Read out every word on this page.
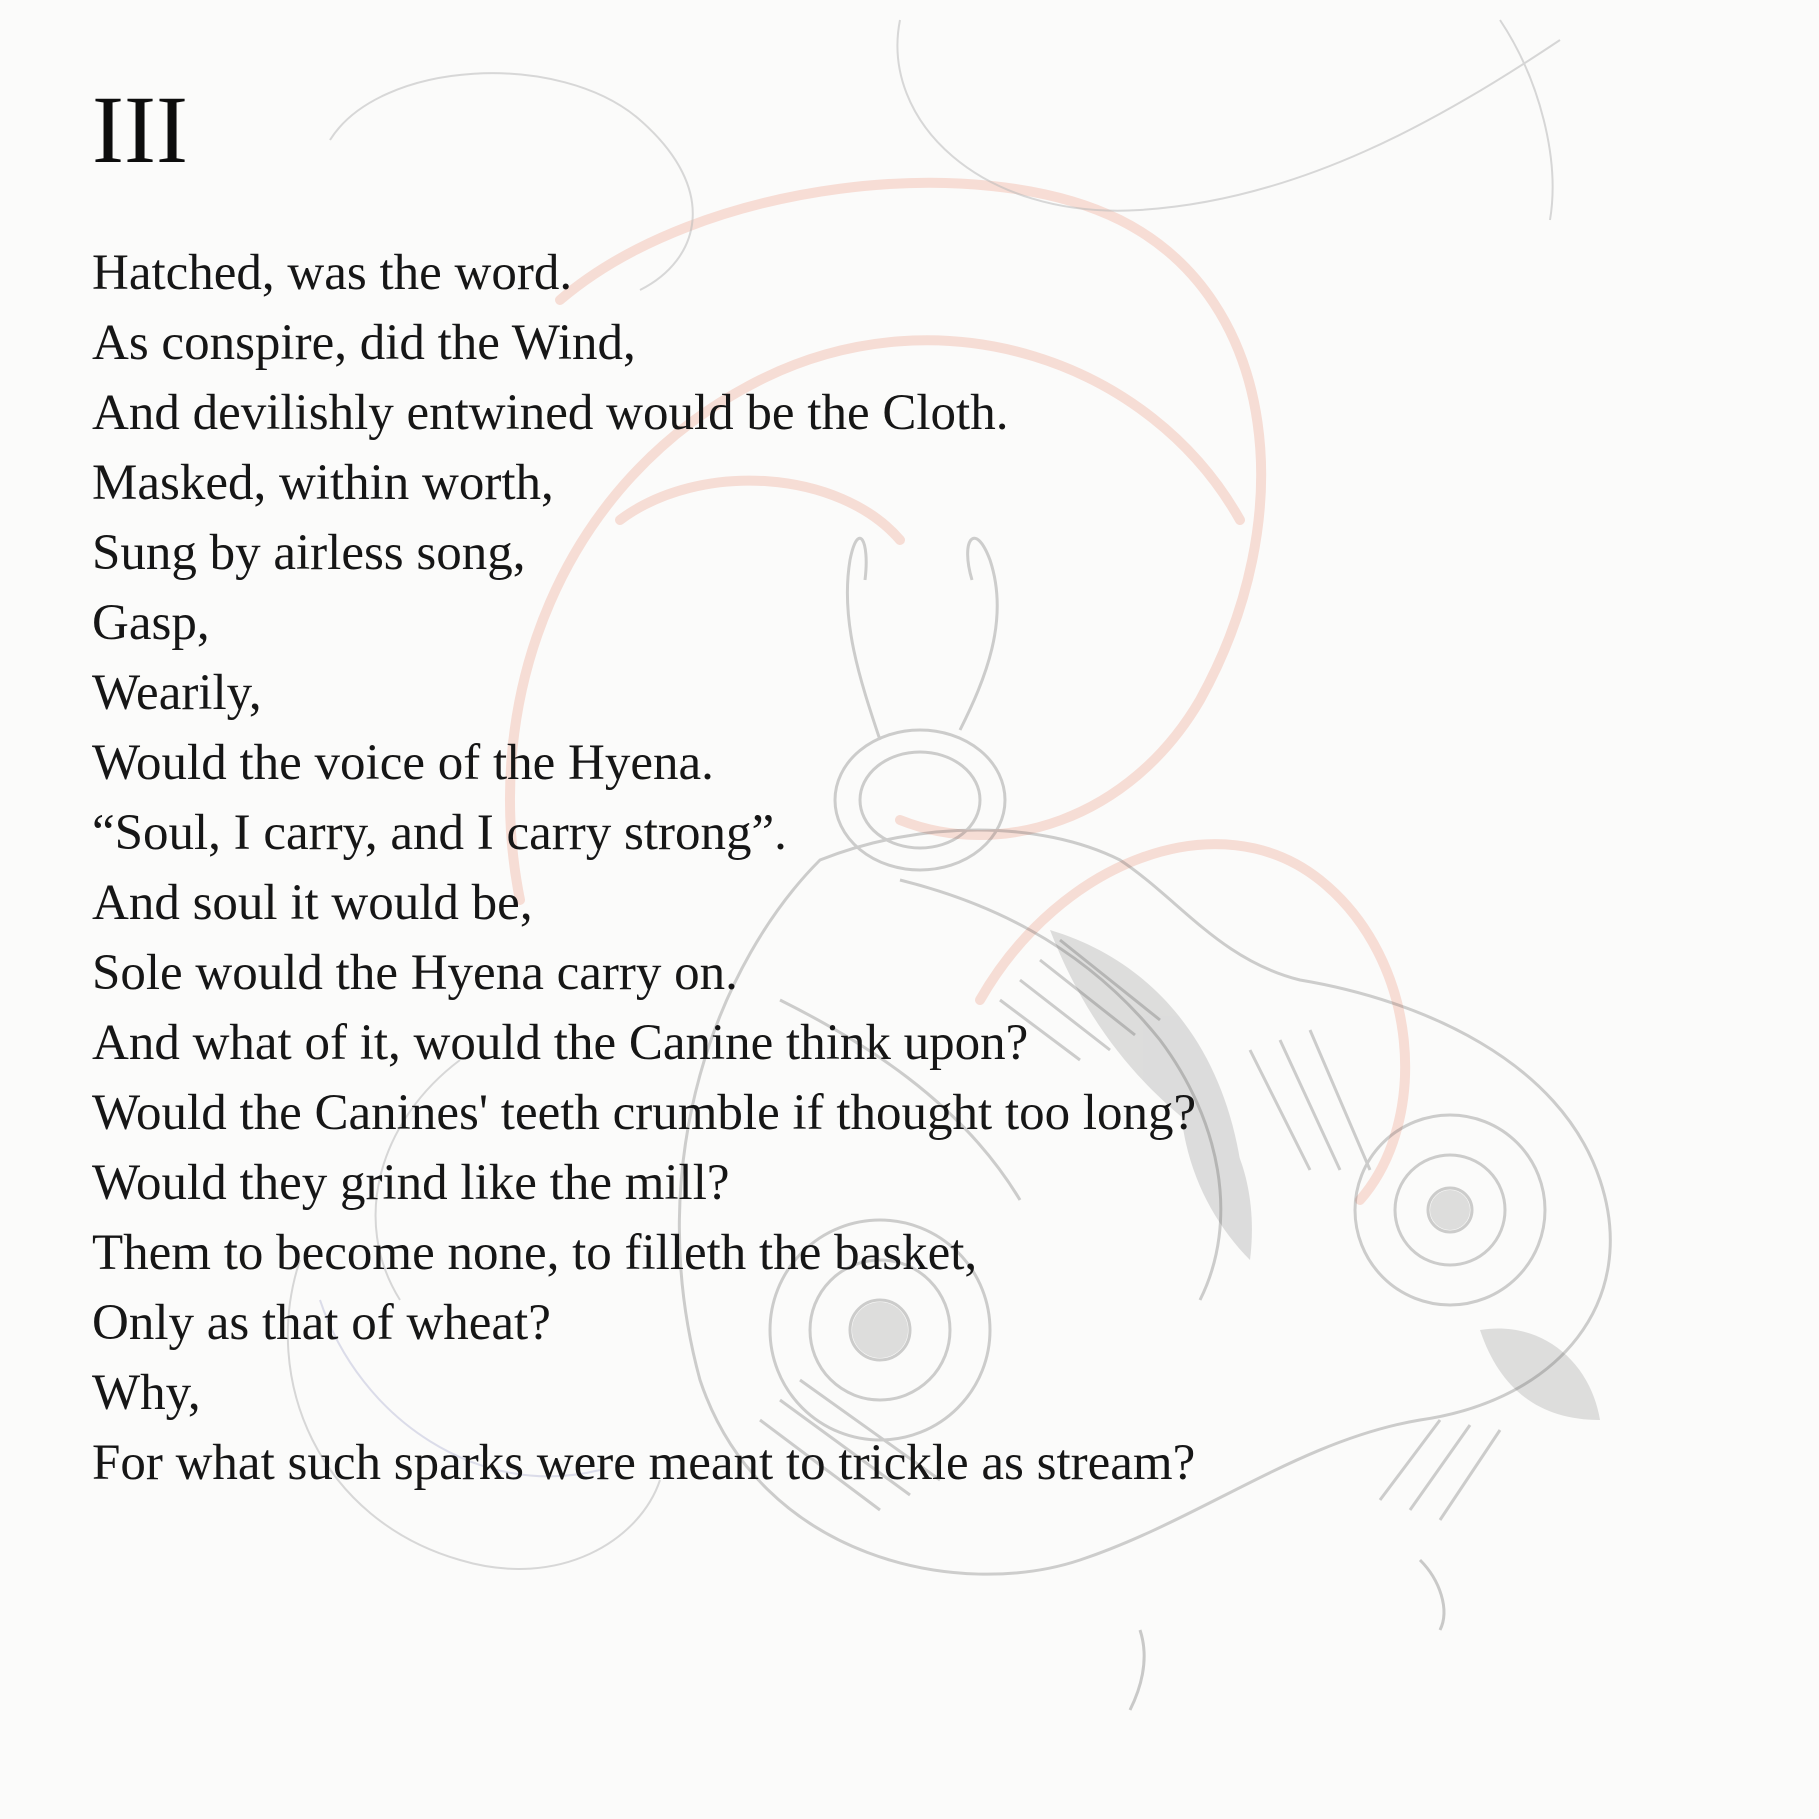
III
Hatched, was the word.
As conspire, did the Wind,
And devilishly entwined would be the Cloth.
Masked, within worth,
Sung by airless song,
Gasp,
Wearily,
Would the voice of the Hyena.
“Soul, I carry, and I carry strong”.
And soul it would be,
Sole would the Hyena carry on.
And what of it, would the Canine think upon?
Would the Canines' teeth crumble if thought too long?
Would they grind like the mill?
Them to become none, to filleth the basket,
Only as that of wheat?
Why,
For what such sparks were meant to trickle as stream?
